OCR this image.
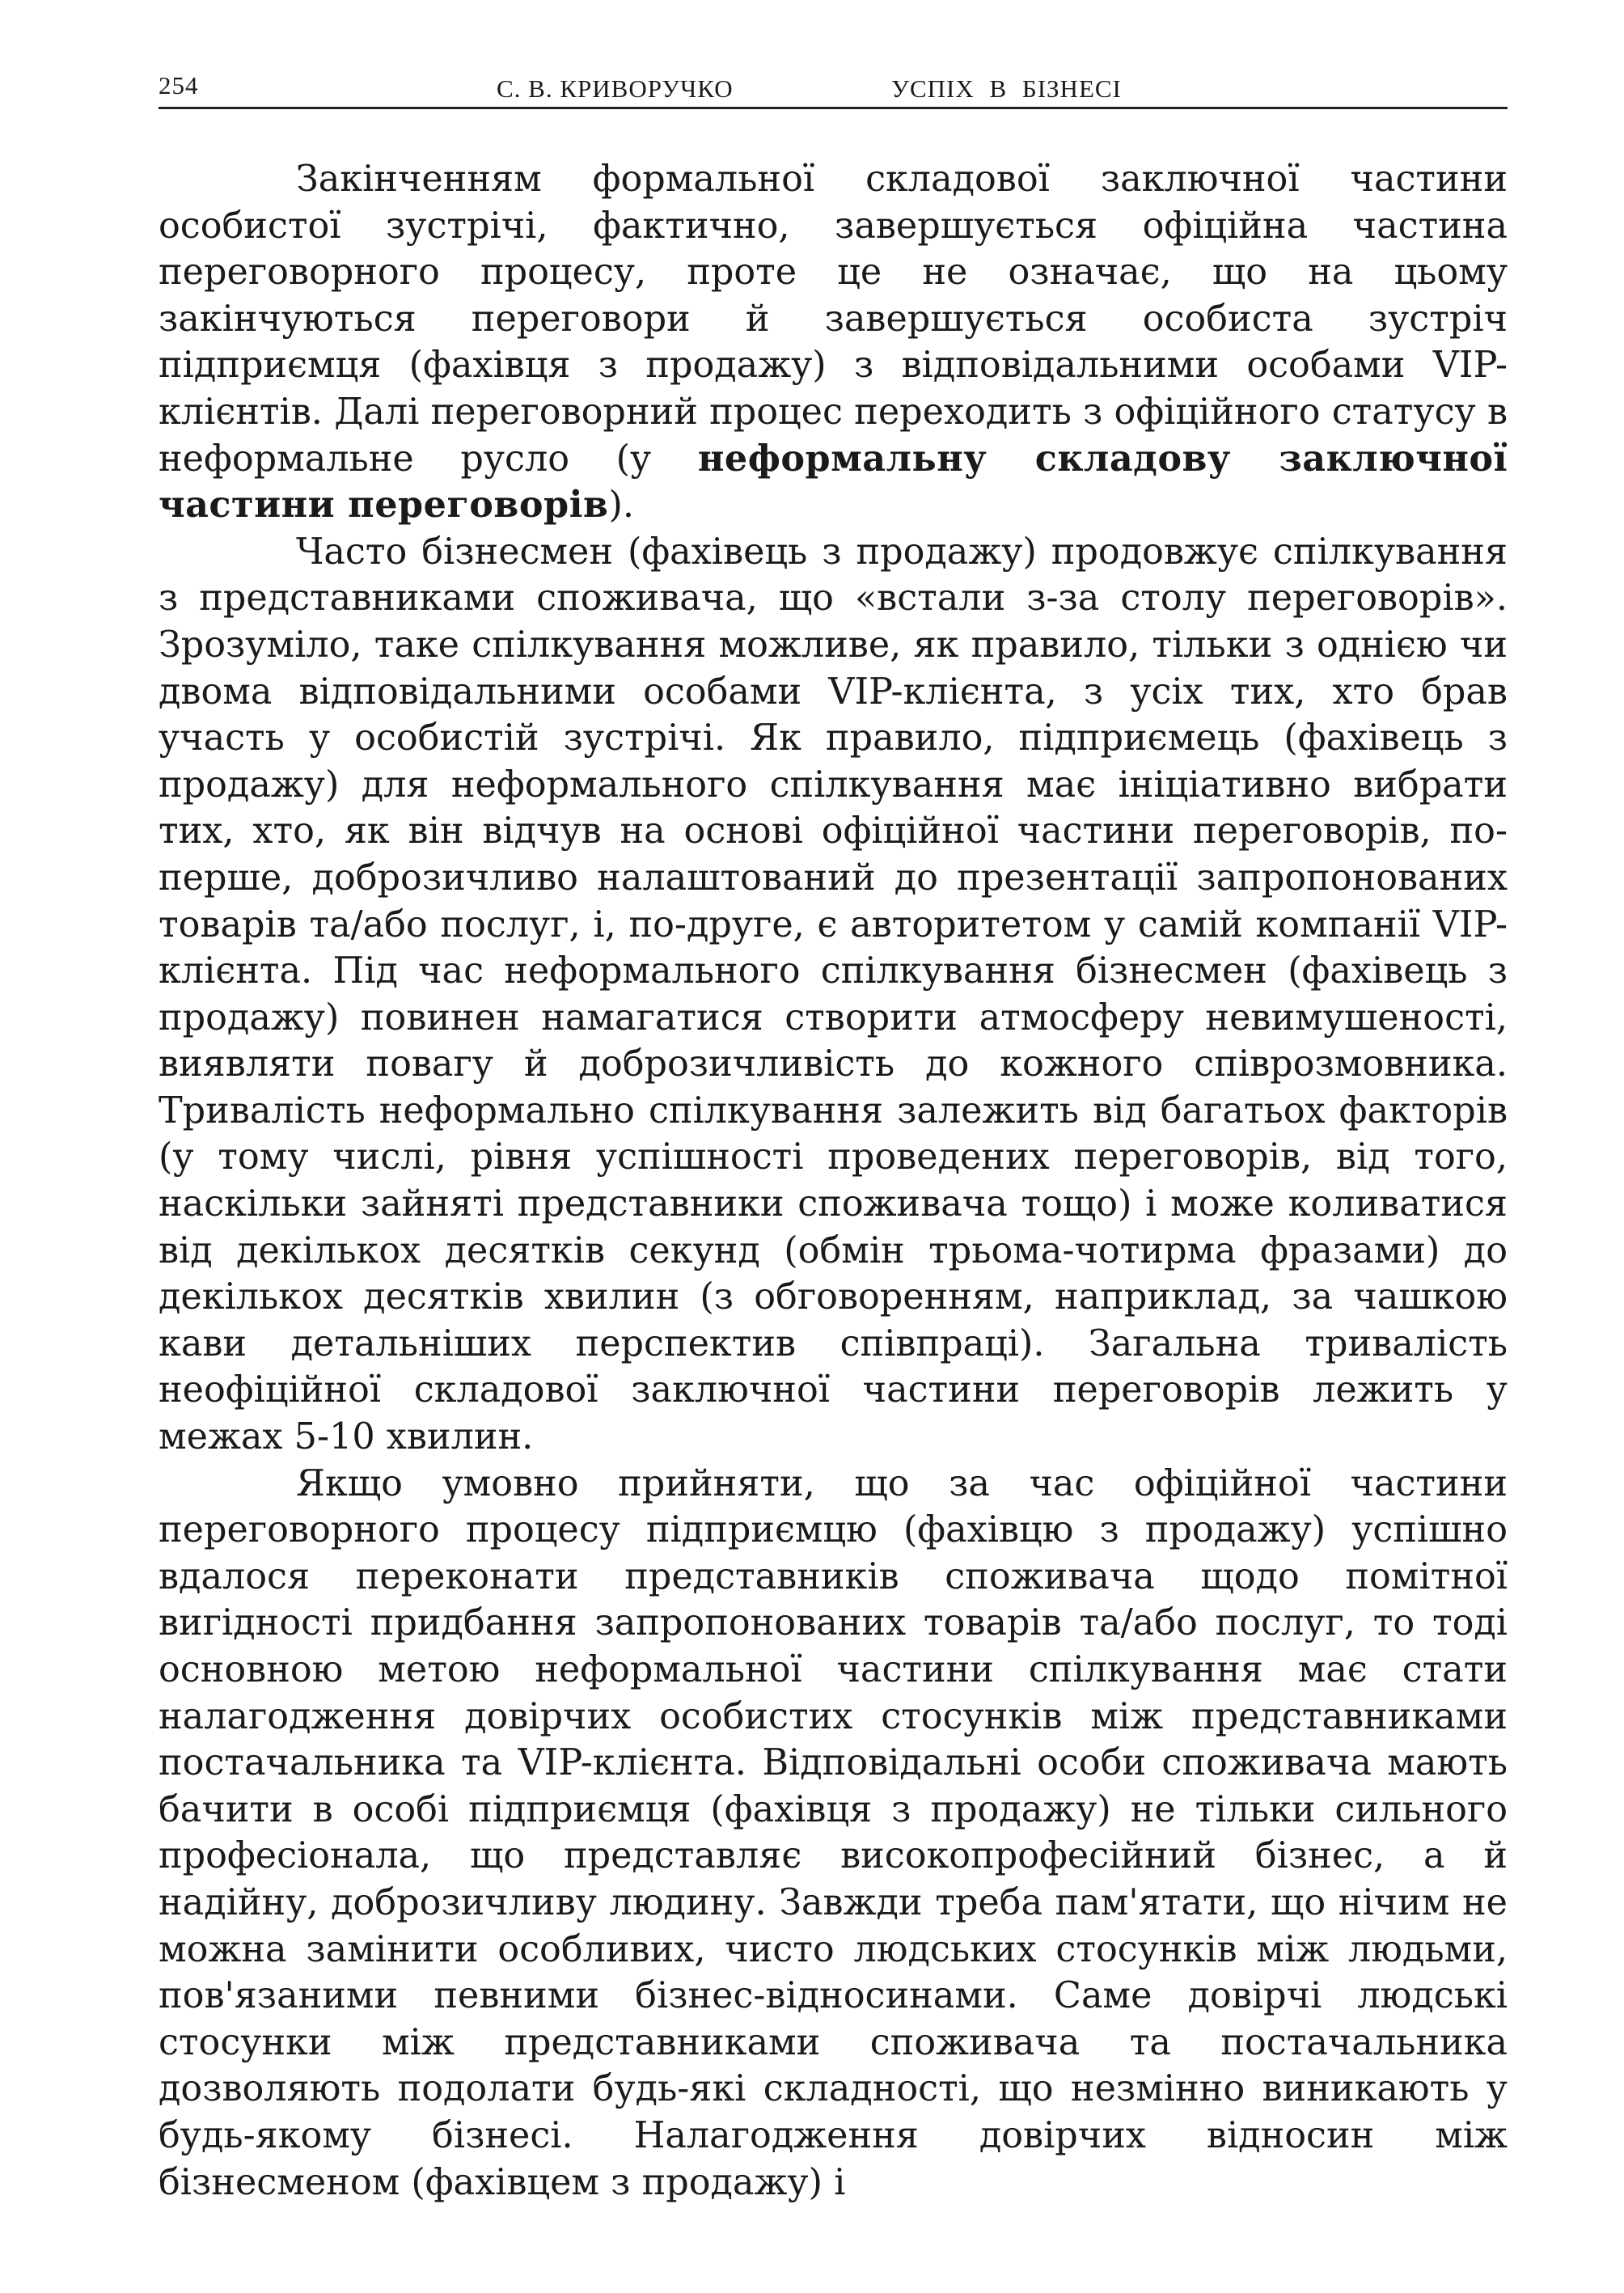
254	С. В. КРИВОРУЧКО	УСПІХ В БІЗНЕСІ

Закінченням формальної складової заключної частини особистої зустрічі, фактично, завершується офіційна частина переговорного процесу, проте це не означає, що на цьому закінчуються переговори й завершується особиста зустріч підприємця (фахівця з продажу) з відповідальними особами VIP-клієнтів. Далі переговорний процес переходить з офіційного статусу в неформальне русло (у неформальну складову заключної частини переговорів).

Часто бізнесмен (фахівець з продажу) продовжує спілкування з представниками споживача, що «встали з-за столу переговорів». Зрозуміло, таке спілкування можливе, як правило, тільки з однією чи двома відповідальними особами VIP-клієнта, з усіх тих, хто брав участь у особистій зустрічі. Як правило, підприємець (фахівець з продажу) для неформального спілкування має ініціативно вибрати тих, хто, як він відчув на основі офіційної частини переговорів, по-перше, доброзичливо налаштований до презентації запропонованих товарів та/або послуг, і, по-друге, є авторитетом у самій компанії VIP-клієнта. Під час неформального спілкування бізнесмен (фахівець з продажу) повинен намагатися створити атмосферу невимушеності, виявляти повагу й доброзичливість до кожного співрозмовника. Тривалість неформально спілкування залежить від багатьох факторів (у тому числі, рівня успішності проведених переговорів, від того, наскільки зайняті представники споживача тощо) і може коливатися від декількох десятків секунд (обмін трьома-чотирма фразами) до декількох десятків хвилин (з обговоренням, наприклад, за чашкою кави детальніших перспектив співпраці). Загальна тривалість неофіційної складової заключної частини переговорів лежить у межах 5-10 хвилин.

Якщо умовно прийняти, що за час офіційної частини переговорного процесу підприємцю (фахівцю з продажу) успішно вдалося переконати представників споживача щодо помітної вигідності придбання запропонованих товарів та/або послуг, то тоді основною метою неформальної частини спілкування має стати налагодження довірчих особистих стосунків між представниками постачальника та VIP-клієнта. Відповідальні особи споживача мають бачити в особі підприємця (фахівця з продажу) не тільки сильного професіонала, що представляє високопрофесійний бізнес, а й надійну, доброзичливу людину. Завжди треба пам'ятати, що нічим не можна замінити особливих, чисто людських стосунків між людьми, пов'язаними певними бізнес-відносинами. Саме довірчі людські стосунки між представниками споживача та постачальника дозволяють подолати будь-які складності, що незмінно виникають у будь-якому бізнесі. Налагодження довірчих відносин між бізнесменом (фахівцем з продажу) і
